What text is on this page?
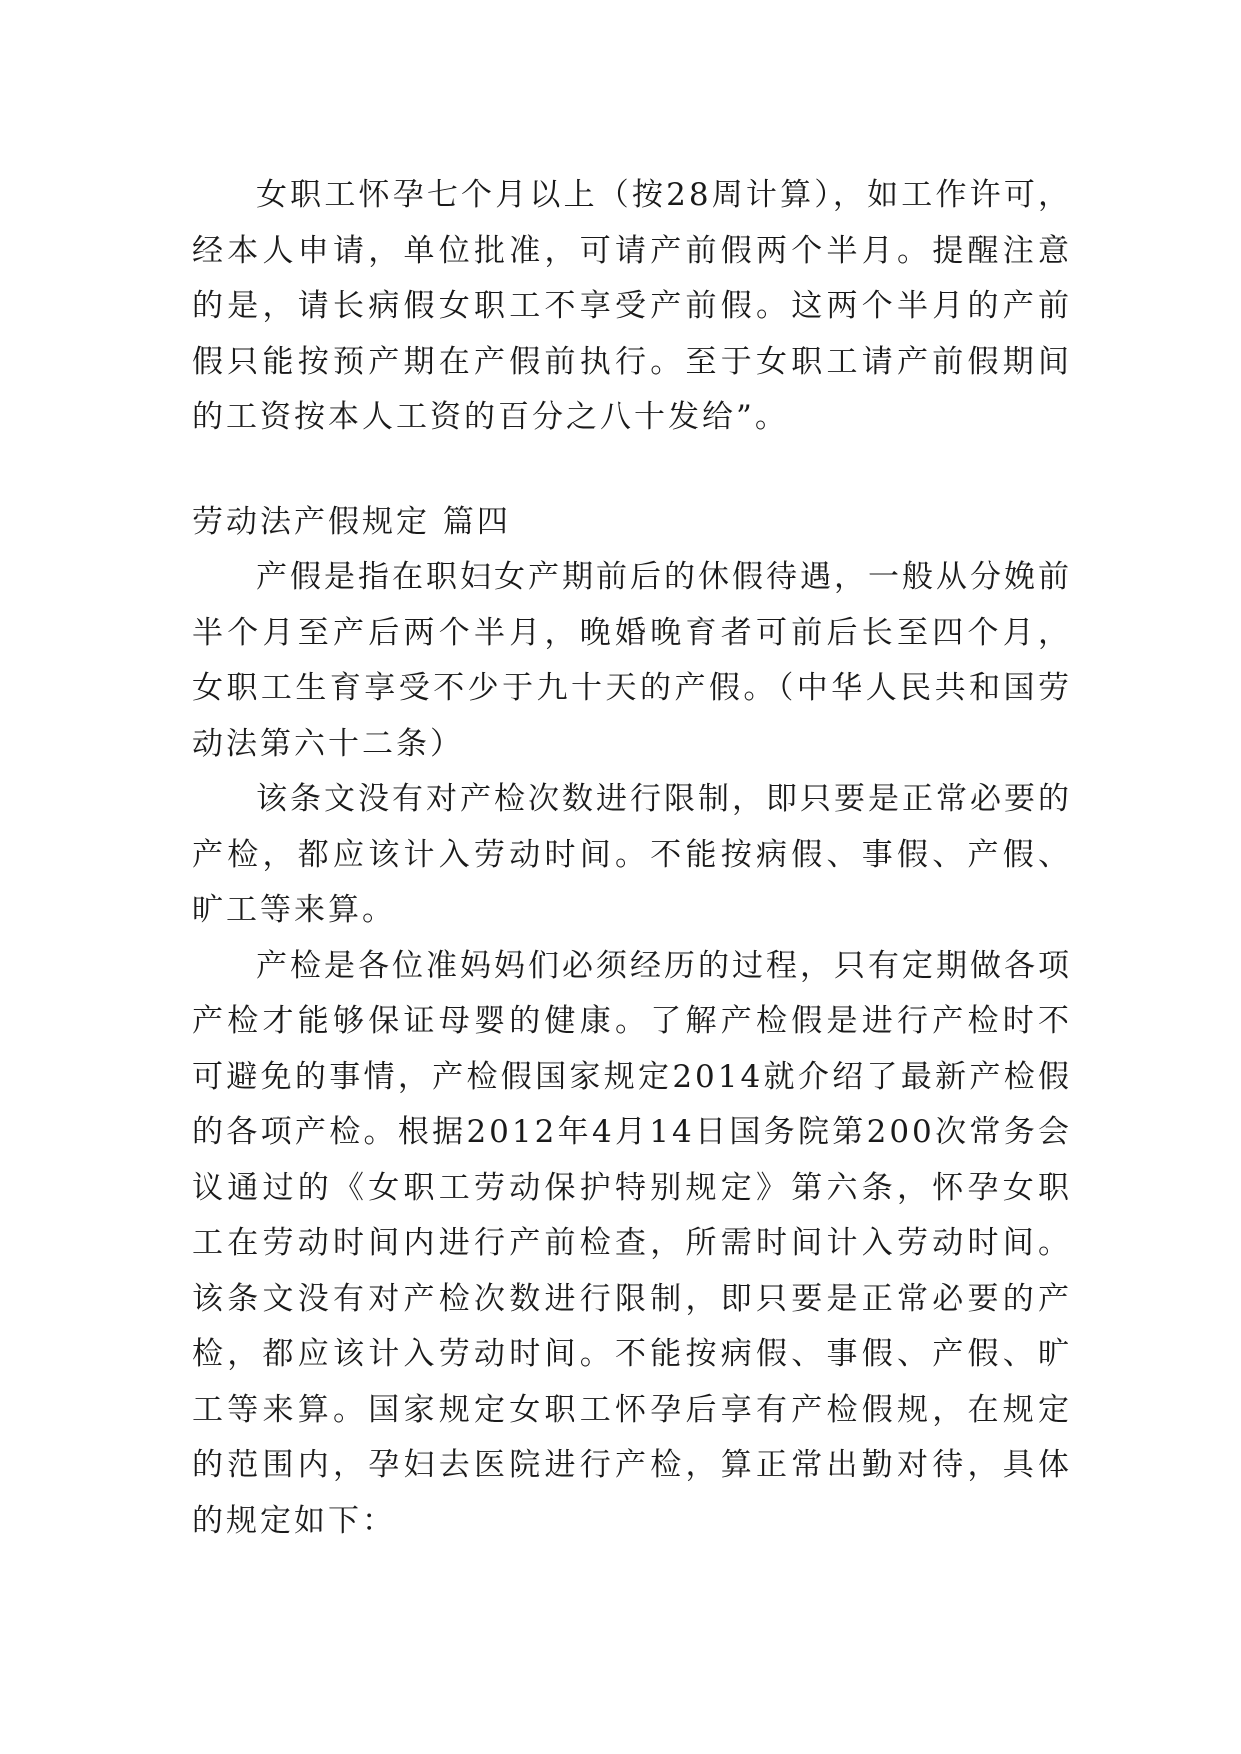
女职工怀孕七个月以上（按28周计算），如工作许可，经本人申请，单位批准，可请产前假两个半月。提醒注意的是，请长病假女职工不享受产前假。这两个半月的产前假只能按预产期在产假前执行。至于女职工请产前假期间的工资按本人工资的百分之八十发给”。

劳动法产假规定 篇四

产假是指在职妇女产期前后的休假待遇，一般从分娩前半个月至产后两个半月，晚婚晚育者可前后长至四个月，女职工生育享受不少于九十天的产假。（中华人民共和国劳动法第六十二条）

该条文没有对产检次数进行限制，即只要是正常必要的产检，都应该计入劳动时间。不能按病假、事假、产假、旷工等来算。

产检是各位准妈妈们必须经历的过程，只有定期做各项产检才能够保证母婴的健康。了解产检假是进行产检时不可避免的事情，产检假国家规定2014就介绍了最新产检假的各项产检。根据2012年4月14日国务院第200次常务会议通过的《女职工劳动保护特别规定》第六条，怀孕女职工在劳动时间内进行产前检查，所需时间计入劳动时间。该条文没有对产检次数进行限制，即只要是正常必要的产检，都应该计入劳动时间。不能按病假、事假、产假、旷工等来算。国家规定女职工怀孕后享有产检假规，在规定的范围内，孕妇去医院进行产检，算正常出勤对待，具体的规定如下：
